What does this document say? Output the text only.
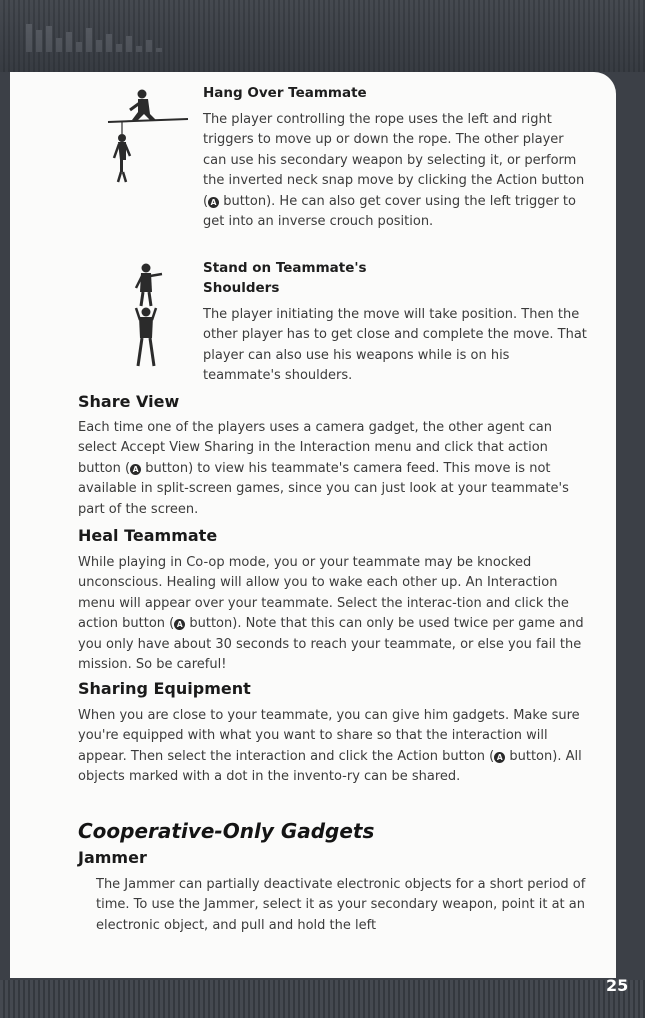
Hang Over Teammate

The player controlling the rope uses the left and right triggers to move up or down the rope. The other player can use his secondary weapon by selecting it, or perform the inverted neck snap move by clicking the Action button ( A button). He can also get cover using the left trigger to get into an inverse crouch position.

Stand on Teammate's
Shoulders

The player initiating the move will take position. Then the other player has to get close and complete the move. That player can also use his weapons while is on his teammate's shoulders.

Share View

Each time one of the players uses a camera gadget, the other agent can select Accept View Sharing in the Interaction menu and click that action button ( A button) to view his teammate's camera feed. This move is not available in split-screen games, since you can just look at your teammate's part of the screen.

Heal Teammate

While playing in Co-op mode, you or your teammate may be knocked unconscious. Healing will allow you to wake each other up. An Interaction menu will appear over your teammate. Select the interac-tion and click the action button ( A button). Note that this can only be used twice per game and you only have about 30 seconds to reach your teammate, or else you fail the mission. So be careful!

Sharing Equipment

When you are close to your teammate, you can give him gadgets. Make sure you're equipped with what you want to share so that the interaction will appear. Then select the interaction and click the Action button ( A button). All objects marked with a dot in the invento-ry can be shared.

Cooperative-Only Gadgets
Jammer

The Jammer can partially deactivate electronic objects for a short period of time. To use the Jammer, select it as your secondary weapon, point it at an electronic object, and pull and hold the left

25
